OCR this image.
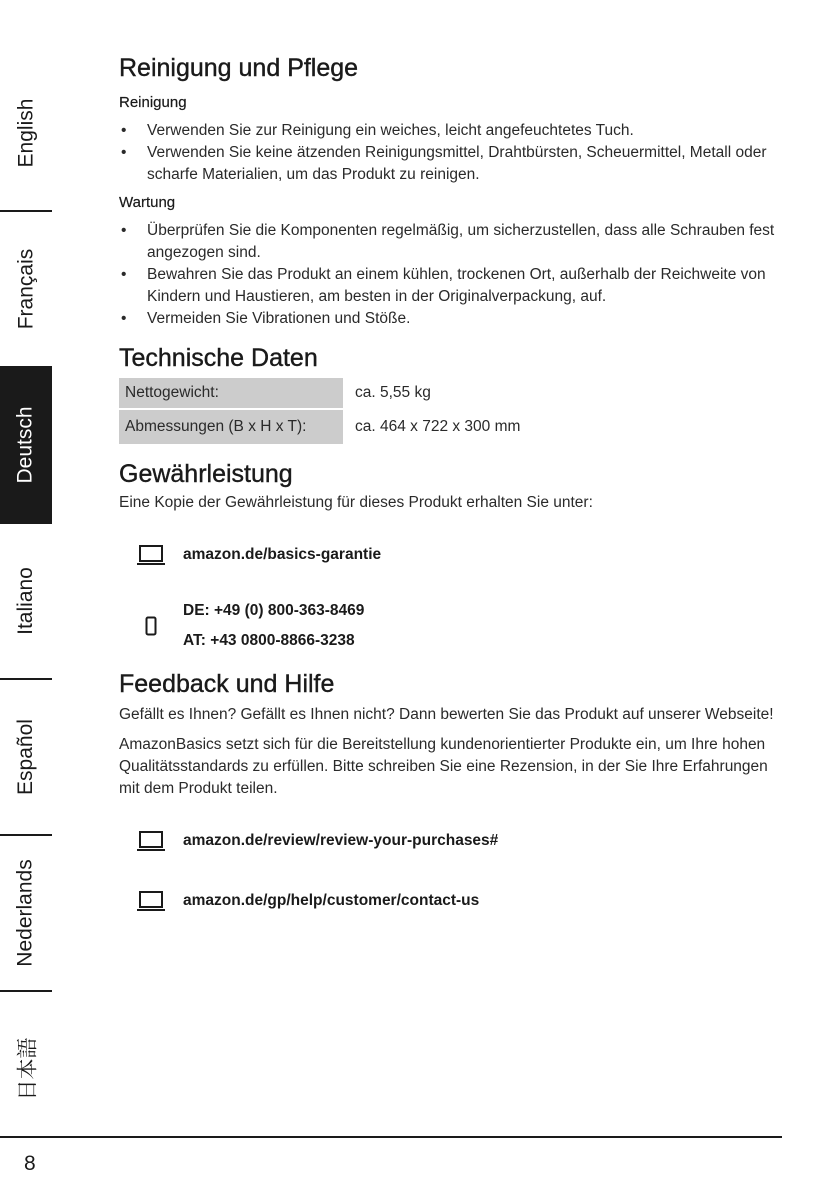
English
Français
Deutsch
Italiano
Español
Nederlands
日本語
Reinigung und Pflege
Reinigung
• Verwenden Sie zur Reinigung ein weiches, leicht angefeuchtetes Tuch.
• Verwenden Sie keine ätzenden Reinigungsmittel, Drahtbürsten, Scheuermittel, Metall oder scharfe Materialien, um das Produkt zu reinigen.
Wartung
• Überprüfen Sie die Komponenten regelmäßig, um sicherzustellen, dass alle Schrauben fest angezogen sind.
• Bewahren Sie das Produkt an einem kühlen, trockenen Ort, außerhalb der Reichweite von Kindern und Haustieren, am besten in der Originalverpackung, auf.
• Vermeiden Sie Vibrationen und Stöße.
Technische Daten
Nettogewicht:	ca. 5,55 kg
Abmessungen (B x H x T):	ca. 464 x 722 x 300 mm
Gewährleistung

Eine Kopie der Gewährleistung für dieses Produkt erhalten Sie unter:

amazon.de/basics-garantie
DE: +49 (0) 800-363-8469
AT: +43 0800-8866-3238
Feedback und Hilfe

Gefällt es Ihnen? Gefällt es Ihnen nicht? Dann bewerten Sie das Produkt auf unserer Webseite!

AmazonBasics setzt sich für die Bereitstellung kundenorientierter Produkte ein, um Ihre hohen Qualitätsstandards zu erfüllen. Bitte schreiben Sie eine Rezension, in der Sie Ihre Erfahrungen mit dem Produkt teilen.

amazon.de/review/review-your-purchases#
amazon.de/gp/help/customer/contact-us
8
